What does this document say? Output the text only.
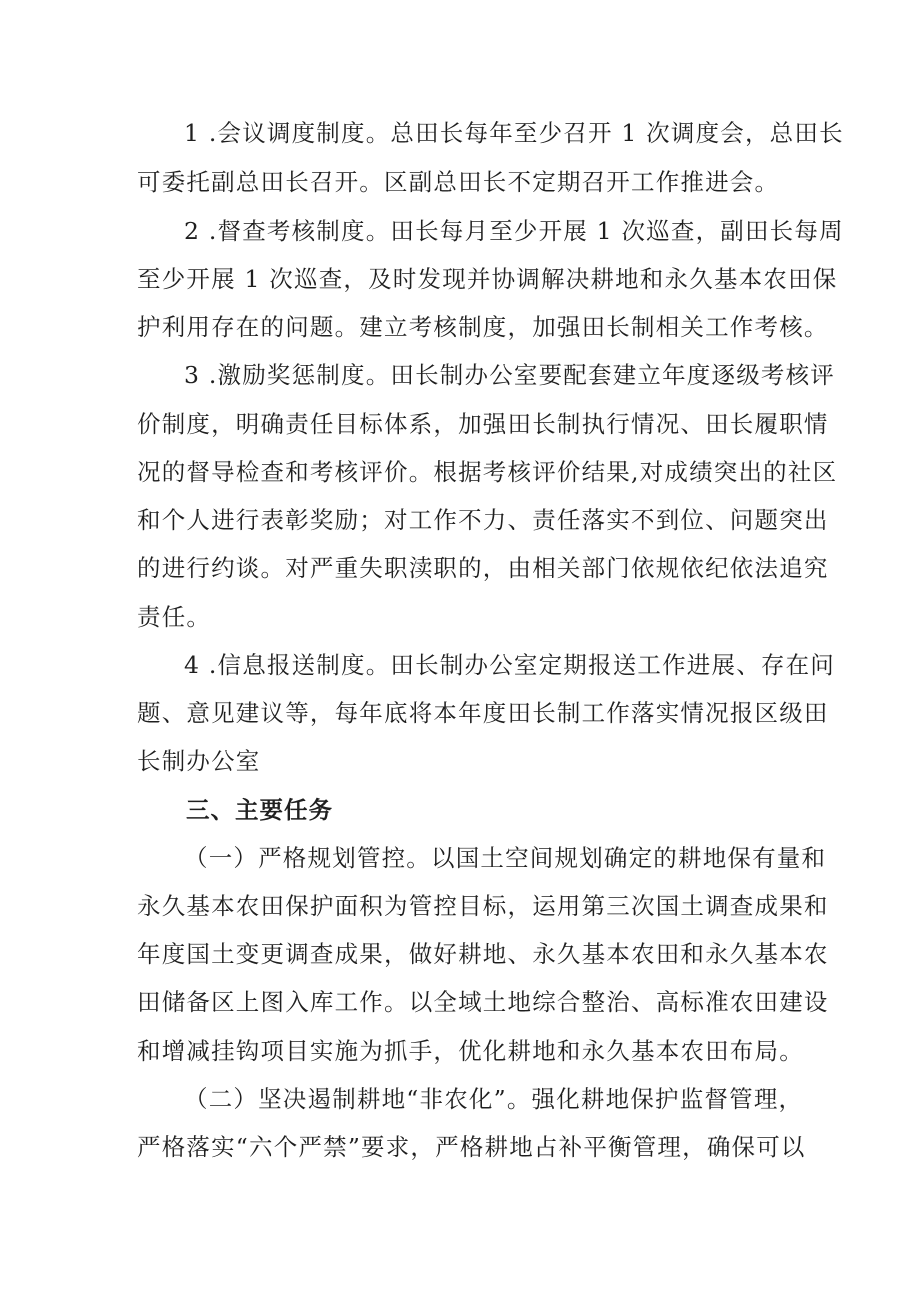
1 .会议调度制度。总田长每年至少召开 1 次调度会，总田长
可委托副总田长召开。区副总田长不定期召开工作推进会。
2 .督查考核制度。田长每月至少开展 1 次巡查，副田长每周
至少开展 1 次巡查，及时发现并协调解决耕地和永久基本农田保
护利用存在的问题。建立考核制度，加强田长制相关工作考核。
3 .激励奖惩制度。田长制办公室要配套建立年度逐级考核评
价制度，明确责任目标体系，加强田长制执行情况、田长履职情
况的督导检查和考核评价。根据考核评价结果,对成绩突出的社区
和个人进行表彰奖励；对工作不力、责任落实不到位、问题突出
的进行约谈。对严重失职渎职的，由相关部门依规依纪依法追究
责任。
4 .信息报送制度。田长制办公室定期报送工作进展、存在问
题、意见建议等，每年底将本年度田长制工作落实情况报区级田
长制办公室
三、主要任务
（一）严格规划管控。以国土空间规划确定的耕地保有量和
永久基本农田保护面积为管控目标，运用第三次国土调查成果和
年度国土变更调查成果，做好耕地、永久基本农田和永久基本农
田储备区上图入库工作。以全域土地综合整治、高标准农田建设
和增减挂钩项目实施为抓手，优化耕地和永久基本农田布局。
（二）坚决遏制耕地“非农化”。强化耕地保护监督管理，
严格落实“六个严禁”要求，严格耕地占补平衡管理，确保可以
